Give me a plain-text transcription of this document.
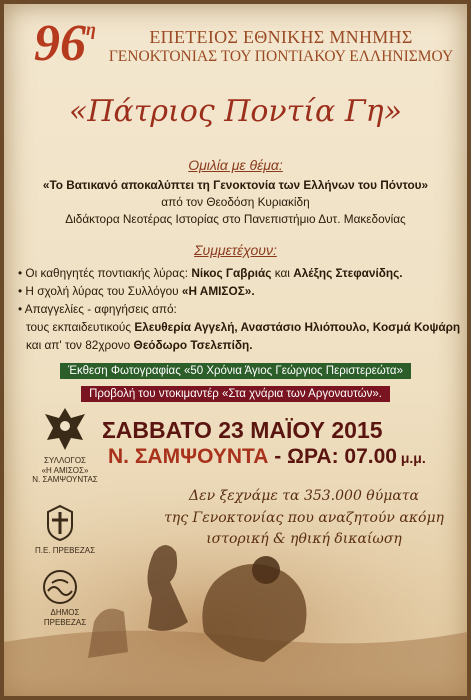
$96^\eta$	ΕΠΕΤΕΙΟΣ ΕΘΝΙΚΗΣ ΜΝΗΜΗΣ
ΓΕΝΟΚΤΟΝΙΑΣ ΤΟΥ ΠΟΝΤΙΑΚΟΥ ΕΛΛΗΝΙΣΜΟΥ
«Πάτριος Ποντία Γη»
Ομιλία με θέμα:
«Το Βατικανό αποκαλύπτει τη Γενοκτονία των Ελλήνων του Πόντου»
από τον Θεοδόση Κυριακίδη
Διδάκτορα Νεοτέρας Ιστορίας στο Πανεπιστήμιο Δυτ. Μακεδονίας
Συμμετέχουν:
• Οι καθηγητές ποντιακής λύρας: Νίκος Γαβριάς και Αλέξης Στεφανίδης.
• Η σχολή λύρας του Συλλόγου «Η ΑΜΙΣΟΣ».
• Απαγγελίες - αφηγήσεις από:
τους εκπαιδευτικούς Ελευθερία Αγγελή, Αναστάσιο Ηλιόπουλο, Κοσμά Κοψάρη
και απ' τον 82χρονο Θεόδωρο Τσελεπίδη.
Έκθεση Φωτογραφίας «50 Χρόνια Άγιος Γεώργιος Περιστερεώτα»
Προβολή του ντοκιμαντέρ «Στα χνάρια των Αργοναυτών».
ΣΑΒΒΑΤΟ 23 ΜΑΪΟΥ 2015
Ν. ΣΑΜΨΟΥΝΤΑ - ΩΡΑ: 07.00 μ.μ.
Δεν ξεχνάμε τα 353.000 θύματα
της Γενοκτονίας που αναζητούν ακόμη
ιστορική & ηθική δικαίωση
ΣΥΛΛΟΓΟΣ
«Η ΑΜΙΣΟΣ»
Ν. ΣΑΜΨΟΥΝΤΑΣ
Π.Ε. ΠΡΕΒΕΖΑΣ
ΔΗΜΟΣ
ΠΡΕΒΕΖΑΣ
